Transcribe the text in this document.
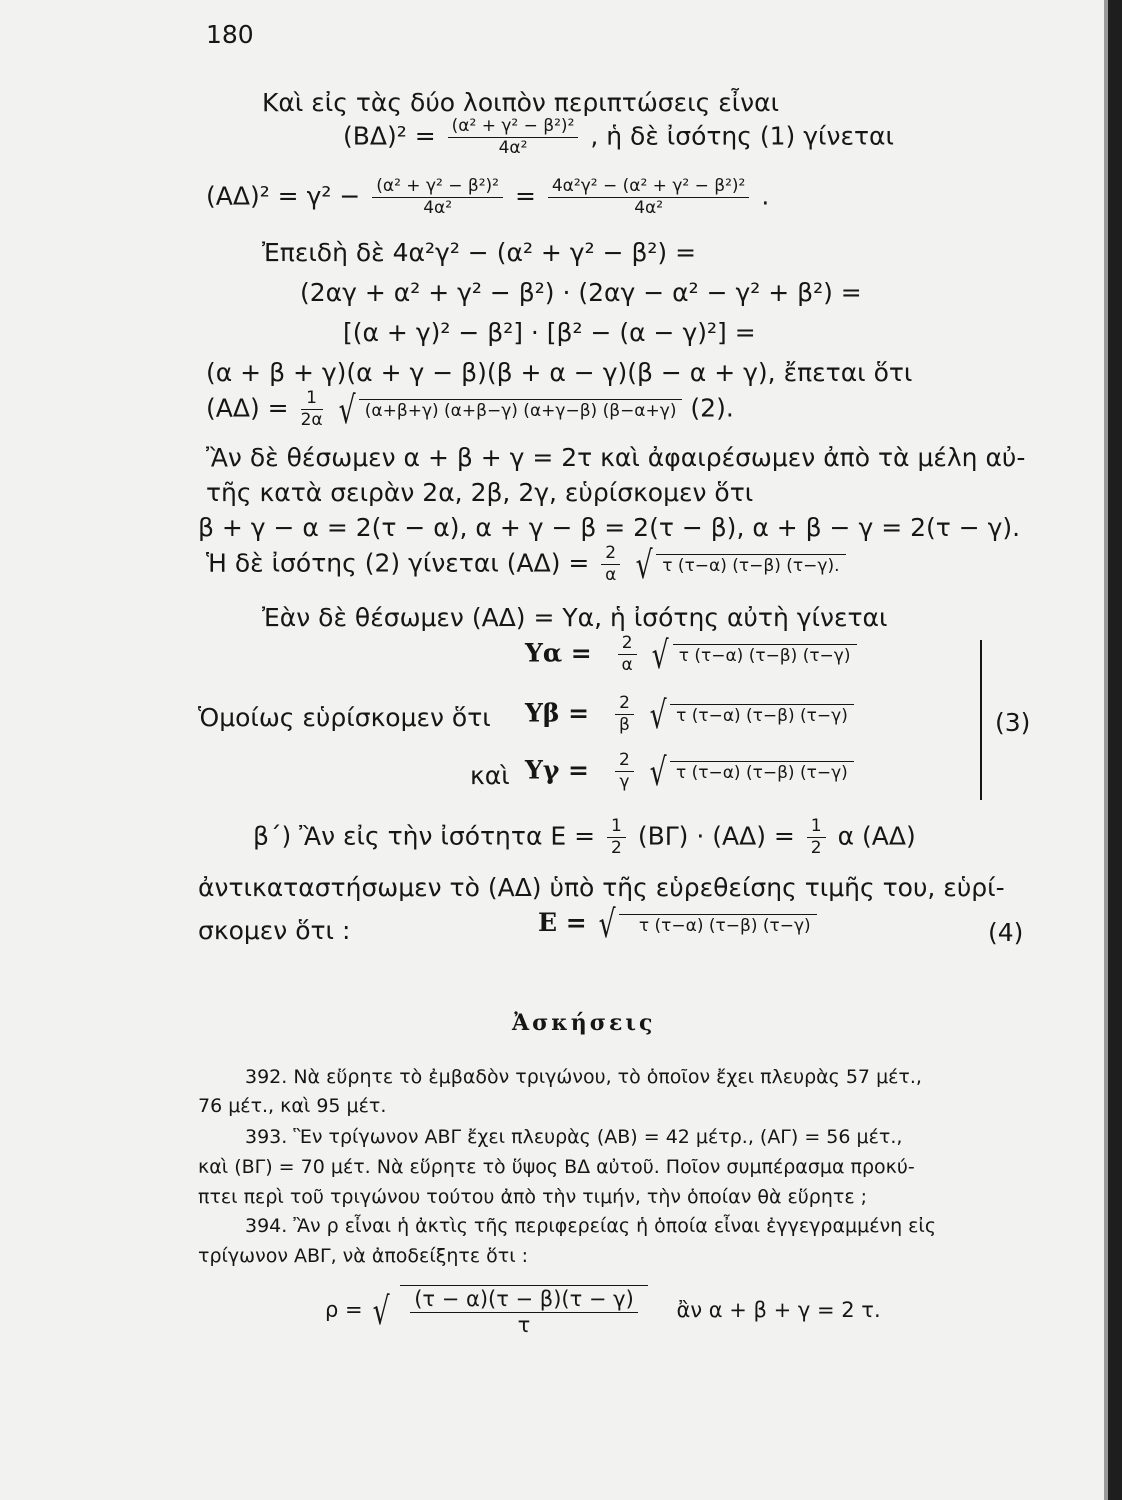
180
Καὶ εἰς τὰς δύο λοιπὸν περιπτώσεις εἶναι
$(B\Delta)^2 = \frac{\text{(α² + γ² − β²)²}}{\text{4α²}}$ , ἡ δὲ ἰσότης (1) γίνεται
$(A\Delta)^2 = \gamma^2 - \frac{\text{(α² + γ² − β²)²}}{\text{4α²}} = \frac{\text{4α²γ² − (α² + γ² − β²)²}}{\text{4α²}}$ .
Ἐπειδὴ δὲ 4α²γ² − (α² + γ² − β²) =
(2αγ + α² + γ² − β²) · (2αγ − α² − γ² + β²) =
[(α + γ)² − β²] · [β² − (α − γ)²] =
(α + β + γ)(α + γ − β)(β + α − γ)(β − α + γ), ἔπεται ὅτι
$(A\Delta) = \frac{1}{2\alpha}$ √ (α+β+γ) (α+β−γ) (α+γ−β) (β−α+γ) (2).
Ἂν δὲ θέσωμεν α + β + γ = 2τ καὶ ἀφαιρέσωμεν ἀπὸ τὰ μέλη αὐ-
τῆς κατὰ σειρὰν 2α, 2β, 2γ, εὑρίσκομεν ὅτι
β + γ − α = 2(τ − α), α + γ − β = 2(τ − β), α + β − γ = 2(τ − γ).
Ἡ δὲ ἰσότης (2) γίνεται $(A\Delta) = \frac{2}{\alpha}$ √ τ (τ−α) (τ−β) (τ−γ).
Ἐὰν δὲ θέσωμεν (ΑΔ) = Υα, ἡ ἰσότης αὐτὴ γίνεται
$\Upsilon\alpha = \frac{2}{\alpha}$ √ τ (τ−α) (τ−β) (τ−γ)
Ὁμοίως εὑρίσκομεν ὅτι $\Upsilon\beta = \frac{2}{\beta}$ √ τ (τ−α) (τ−β) (τ−γ)	(3)
καὶ $\Upsilon\gamma = \frac{2}{\gamma}$ √ τ (τ−α) (τ−β) (τ−γ)
β΄) Ἂν εἰς τὴν ἰσότητα $E = \frac{1}{2} (B\Gamma) \cdot (A\Delta) = \frac{1}{2}$ α (ΑΔ)
ἀντικαταστήσωμεν τὸ (ΑΔ) ὑπὸ τῆς εὑρεθείσης τιμῆς του, εὑρί-
σκομεν ὅτι :	Ε = √ τ (τ−α) (τ−β) (τ−γ)	(4)
Ἀσκήσεις
392. Νὰ εὕρητε τὸ ἐμβαδὸν τριγώνου, τὸ ὁποῖον ἔχει πλευρὰς 57 μέτ.,
76 μέτ., καὶ 95 μέτ.
393. Ἓν τρίγωνον ΑΒΓ ἔχει πλευρὰς (ΑΒ) = 42 μέτρ., (ΑΓ) = 56 μέτ.,
καὶ (ΒΓ) = 70 μέτ. Νὰ εὕρητε τὸ ὕψος ΒΔ αὐτοῦ. Ποῖον συμπέρασμα προκύ-
πτει περὶ τοῦ τριγώνου τούτου ἀπὸ τὴν τιμήν, τὴν ὁποίαν θὰ εὕρητε ;
394. Ἂν ρ εἶναι ἡ ἀκτὶς τῆς περιφερείας ἡ ὁποία εἶναι ἐγγεγραμμένη εἰς
τρίγωνον ΑΒΓ, νὰ ἀποδείξητε ὅτι :
ρ = √ $\frac{(\tau - \alpha)(\tau - \beta)(\tau - \gamma)}{\tau}$ ἂν α + β + γ = 2 τ.
